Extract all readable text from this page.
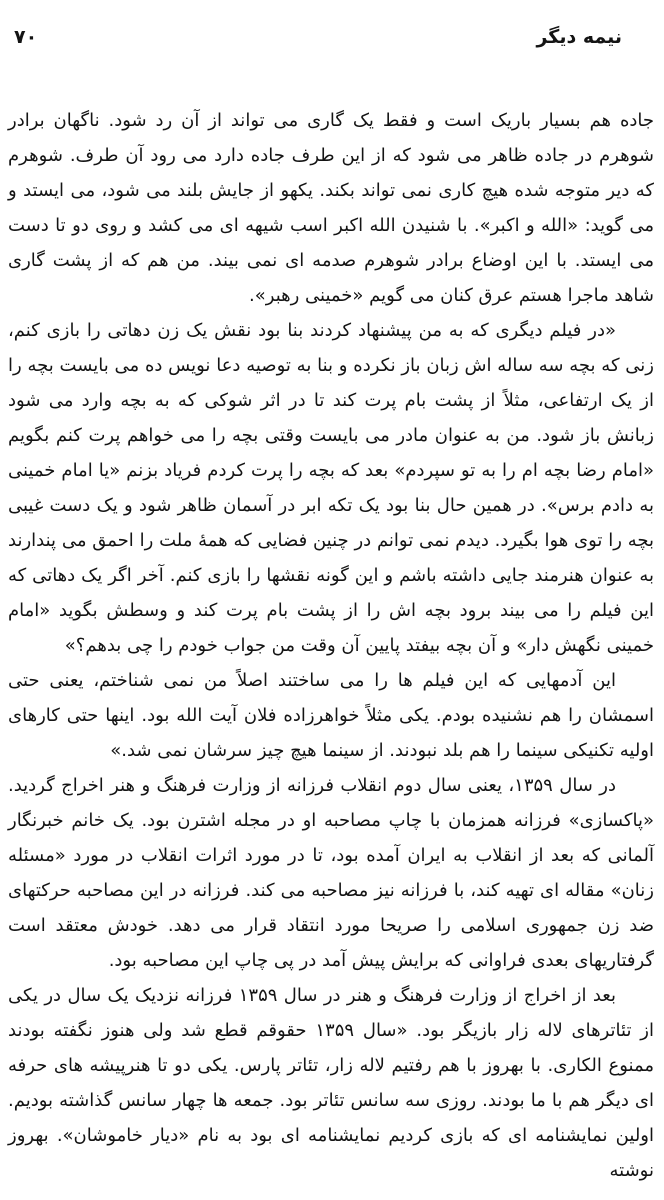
نیمه دیگر
۷۰

جاده هم بسیار باریک است و فقط یک گاری می تواند از آن رد شود. ناگهان برادر شوهرم در جاده ظاهر می شود که از این طرف جاده دارد می رود آن طرف. شوهرم که دیر متوجه شده هیچ کاری نمی تواند بکند. یکهو از جایش بلند می شود، می ایستد و می گوید: «الله و اکبر». با شنیدن الله اکبر اسب شیهه ای می کشد و روی دو تا دست می ایستد. با این اوضاع برادر شوهرم صدمه ای نمی بیند. من هم که از پشت گاری شاهد ماجرا هستم عرق کنان می گویم «خمینی رهبر».

«در فیلم دیگری که به من پیشنهاد کردند بنا بود نقش یک زن دهاتی را بازی کنم، زنی که بچه سه ساله اش زبان باز نکرده و بنا به توصیه دعا نویس ده می بایست بچه را از یک ارتفاعی، مثلاً از پشت بام پرت کند تا در اثر شوکی که به بچه وارد می شود زبانش باز شود. من به عنوان مادر می بایست وقتی بچه را می خواهم پرت کنم بگویم «امام رضا بچه ام را به تو سپردم» بعد که بچه را پرت کردم فریاد بزنم «یا امام خمینی به دادم برس». در همین حال بنا بود یک تکه ابر در آسمان ظاهر شود و یک دست غیبی بچه را توی هوا بگیرد. دیدم نمی توانم در چنین فضایی که همهٔ ملت را احمق می پندارند به عنوان هنرمند جایی داشته باشم و این گونه نقشها را بازی کنم. آخر اگر یک دهاتی که این فیلم را می بیند برود بچه اش را از پشت بام پرت کند و وسطش بگوید «امام خمینی نگهش دار» و آن بچه بیفتد پایین آن وقت من جواب خودم را چی بدهم؟»

این آدمهایی که این فیلم ها را می ساختند اصلاً من نمی شناختم، یعنی حتی اسمشان را هم نشنیده بودم. یکی مثلاً خواهرزاده فلان آیت الله بود. اینها حتی کارهای اولیه تکنیکی سینما را هم بلد نبودند. از سینما هیچ چیز سرشان نمی شد.»

در سال ۱۳۵۹، یعنی سال دوم انقلاب فرزانه از وزارت فرهنگ و هنر اخراج گردید. «پاکسازی» فرزانه همزمان با چاپ مصاحبه او در مجله اشترن بود. یک خانم خبرنگار آلمانی که بعد از انقلاب به ایران آمده بود، تا در مورد اثرات انقلاب در مورد «مسئله زنان» مقاله ای تهیه کند، با فرزانه نیز مصاحبه می کند. فرزانه در این مصاحبه حرکتهای ضد زن جمهوری اسلامی را صریحا مورد انتقاد قرار می دهد. خودش معتقد است گرفتاریهای بعدی فراوانی که برایش پیش آمد در پی چاپ این مصاحبه بود.

بعد از اخراج از وزارت فرهنگ و هنر در سال ۱۳۵۹ فرزانه نزدیک یک سال در یکی از تئاترهای لاله زار بازیگر بود. «سال ۱۳۵۹ حقوقم قطع شد ولی هنوز نگفته بودند ممنوع الکاری. با بهروز با هم رفتیم لاله زار، تئاتر پارس. یکی دو تا هنرپیشه های حرفه ای دیگر هم با ما بودند. روزی سه سانس تئاتر بود. جمعه ها چهار سانس گذاشته بودیم. اولین نمایشنامه ای که بازی کردیم نمایشنامه ای بود به نام «دیار خاموشان». بهروز نوشته
